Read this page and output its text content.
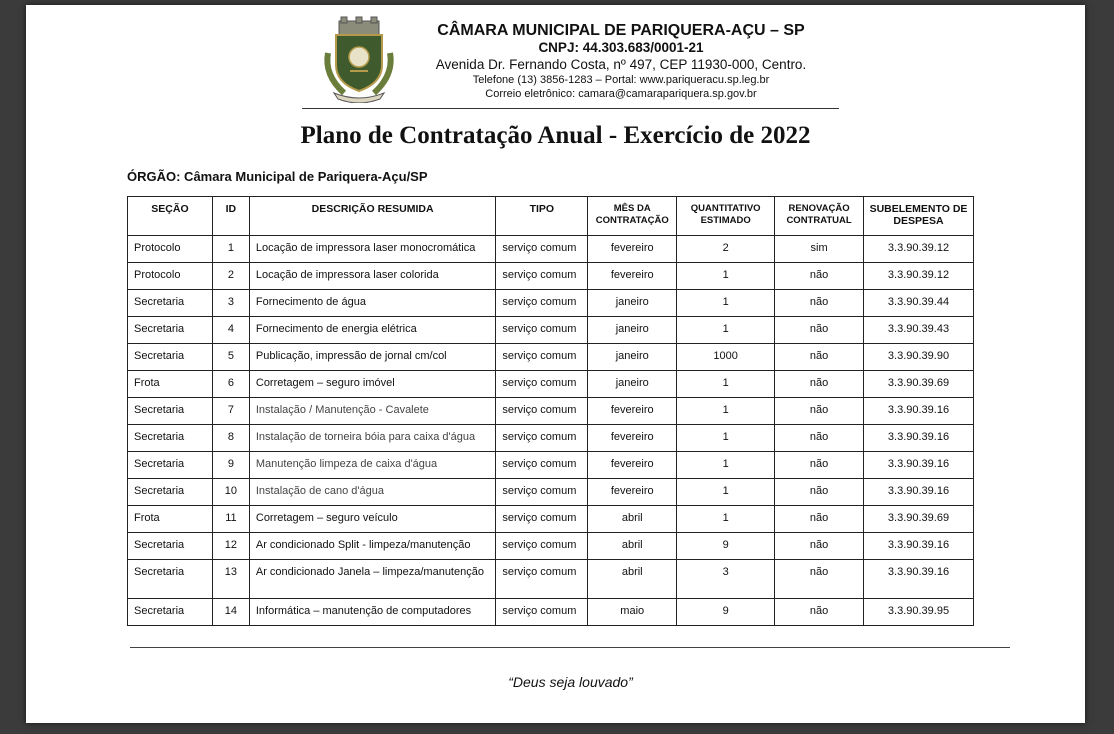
CÂMARA MUNICIPAL DE PARIQUERA-AÇU – SP
CNPJ: 44.303.683/0001-21
Avenida Dr. Fernando Costa, nº 497, CEP 11930-000, Centro.
Telefone (13) 3856-1283 – Portal: www.pariqueracu.sp.leg.br
Correio eletrônico: camara@camarapariquera.sp.gov.br
Plano de Contratação Anual - Exercício de 2022
ÓRGÃO: Câmara Municipal de Pariquera-Açu/SP
SEÇÃO	ID	DESCRIÇÃO RESUMIDA	TIPO	MÊS DA CONTRATAÇÃO	QUANTITATIVO ESTIMADO	RENOVAÇÃO CONTRATUAL	SUBELEMENTO DE DESPESA
Protocolo	1	Locação de impressora laser monocromática	serviço comum	fevereiro	2	sim	3.3.90.39.12
Protocolo	2	Locação de impressora laser colorida	serviço comum	fevereiro	1	não	3.3.90.39.12
Secretaria	3	Fornecimento de água	serviço comum	janeiro	1	não	3.3.90.39.44
Secretaria	4	Fornecimento de energia elétrica	serviço comum	janeiro	1	não	3.3.90.39.43
Secretaria	5	Publicação, impressão de jornal cm/col	serviço comum	janeiro	1000	não	3.3.90.39.90
Frota	6	Corretagem – seguro imóvel	serviço comum	janeiro	1	não	3.3.90.39.69
Secretaria	7	Instalação / Manutenção - Cavalete	serviço comum	fevereiro	1	não	3.3.90.39.16
Secretaria	8	Instalação de torneira bóia para caixa d'água	serviço comum	fevereiro	1	não	3.3.90.39.16
Secretaria	9	Manutenção limpeza de caixa d'água	serviço comum	fevereiro	1	não	3.3.90.39.16
Secretaria	10	Instalação de cano d'água	serviço comum	fevereiro	1	não	3.3.90.39.16
Frota	11	Corretagem – seguro veículo	serviço comum	abril	1	não	3.3.90.39.69
Secretaria	12	Ar condicionado Split - limpeza/manutenção	serviço comum	abril	9	não	3.3.90.39.16
Secretaria	13	Ar condicionado Janela – limpeza/manutenção	serviço comum	abril	3	não	3.3.90.39.16
Secretaria	14	Informática – manutenção de computadores	serviço comum	maio	9	não	3.3.90.39.95
“Deus seja louvado”
